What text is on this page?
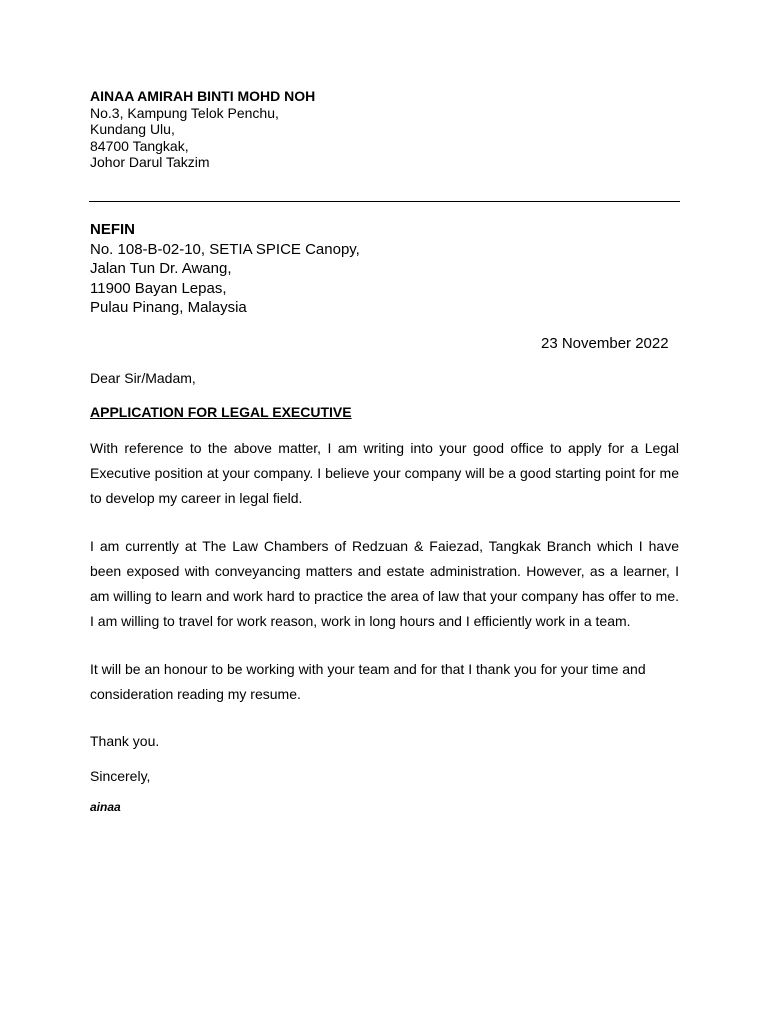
AINAA AMIRAH BINTI MOHD NOH
No.3, Kampung Telok Penchu,
Kundang Ulu,
84700 Tangkak,
Johor Darul Takzim
NEFIN
No. 108-B-02-10, SETIA SPICE Canopy,
Jalan Tun Dr. Awang,
11900 Bayan Lepas,
Pulau Pinang, Malaysia
23 November 2022
Dear Sir/Madam,
APPLICATION FOR LEGAL EXECUTIVE

With reference to the above matter, I am writing into your good office to apply for a Legal Executive position at your company. I believe your company will be a good starting point for me to develop my career in legal field.

I am currently at The Law Chambers of Redzuan & Faiezad, Tangkak Branch which I have been exposed with conveyancing matters and estate administration. However, as a learner, I am willing to learn and work hard to practice the area of law that your company has offer to me. I am willing to travel for work reason, work in long hours and I efficiently work in a team.

It will be an honour to be working with your team and for that I thank you for your time and consideration reading my resume.

Thank you.
Sincerely,
ainaa
